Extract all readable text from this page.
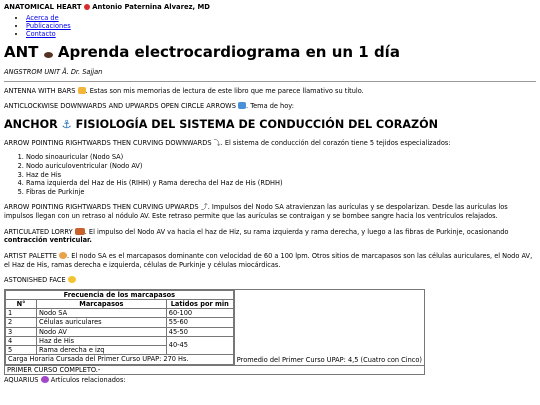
ANATOMICAL HEART Antonio Paternina Alvarez, MD
• Acerca de
• Publicaciones
• Contacto
ANT Aprenda electrocardiograma en un 1 día
ANGSTROM UNIT Å. Dr. Sajjan

ANTENNA WITH BARS . Estas son mis memorias de lectura de este libro que me parece llamativo su título.

ANTICLOCKWISE DOWNWARDS AND UPWARDS OPEN CIRCLE ARROWS . Tema de hoy:

ANCHOR ⚓ FISIOLOGÍA DEL SISTEMA DE CONDUCCIÓN DEL CORAZÓN

ARROW POINTING RIGHTWARDS THEN CURVING DOWNWARDS ⤵. El sistema de conducción del corazón tiene 5 tejidos especializados:

1. Nodo sinoauricular (Nodo SA)
2. Nodo auriculoventricular (Nodo AV)
3. Haz de His
4. Rama izquierda del Haz de His (RIHH) y Rama derecha del Haz de His (RDHH)
5. Fibras de Purkinje

ARROW POINTING RIGHTWARDS THEN CURVING UPWARDS ⤴. Impulsos del Nodo SA atravienzan las aurículas y se despolarizan. Desde las aurículas los impulsos llegan con un retraso al nódulo AV. Este retraso permite que las aurículas se contraigan y se bombee sangre hacia los ventrículos relajados.

ARTICULATED LORRY . El impulso del Nodo AV va hacia el haz de Hiz, su rama izquierda y rama derecha, y luego a las fibras de Purkinje, ocasionando contracción ventricular.

ARTIST PALETTE . El nodo SA es el marcapasos dominante con velocidad de 60 a 100 lpm. Otros sitios de marcapasos son las células auriculares, el Nodo AV, el Haz de His, ramas derecha e izquierda, células de Purkinje y células miocárdicas.

ASTONISHED FACE

Frecuencia de los marcapasos
N°	Marcapasos	Latidos por min
1	Nodo SA	60-100
2	Células auriculares	55-60
3	Nodo AV	45-50
4	Haz de His	40-45
5	Rama derecha e izq
Carga Horaria Cursada del Primer Curso UPAP: 270 Hs.
		Promedio del Primer Curso UPAP: 4,5 (Cuatro con Cinco)
PRIMER CURSO COMPLETO.-
AQUARIUS Artículos relacionados:
